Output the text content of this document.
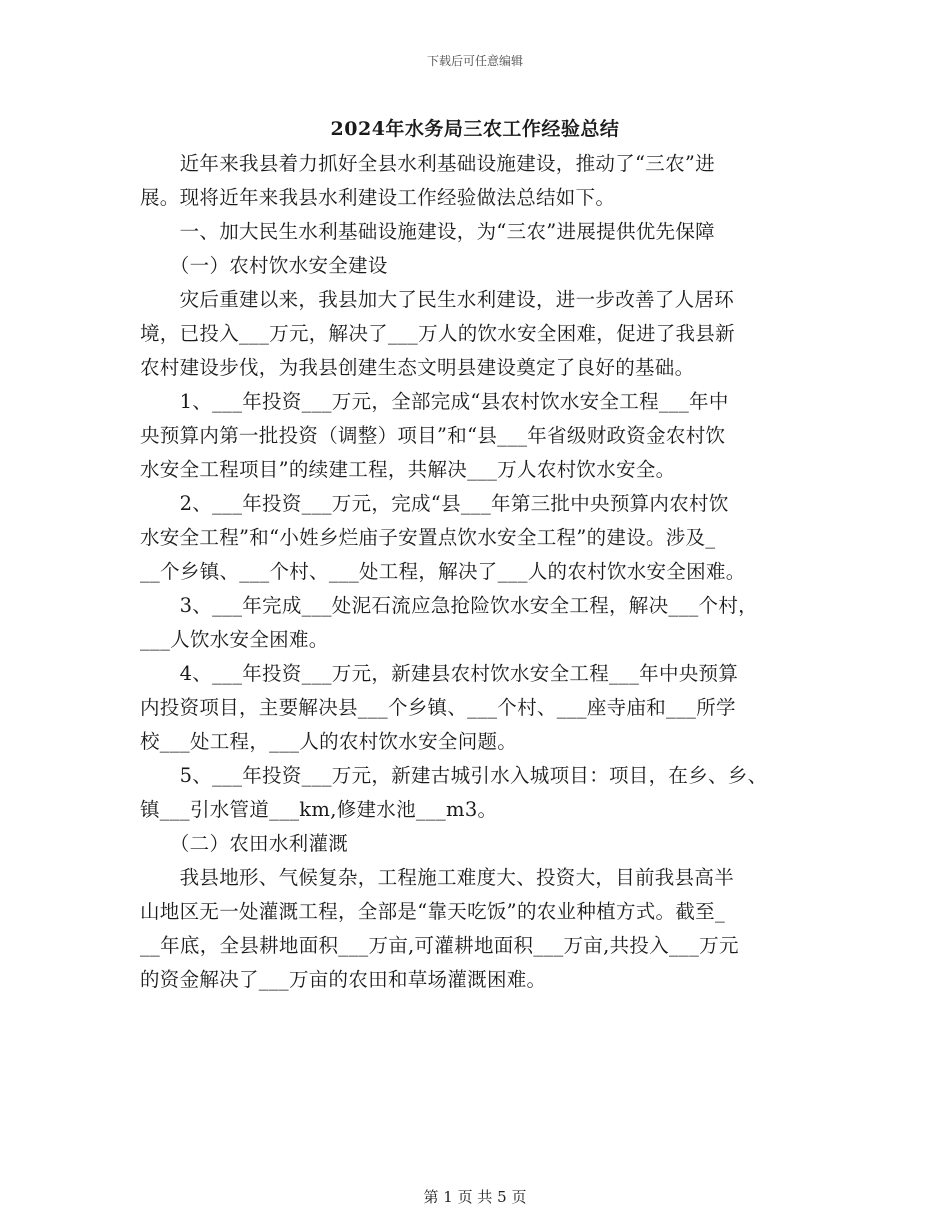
下载后可任意编辑
2024年水务局三农工作经验总结
　　近年来我县着力抓好全县水利基础设施建设，推动了“三农”进
展。现将近年来我县水利建设工作经验做法总结如下。
　　一、加大民生水利基础设施建设，为“三农”进展提供优先保障
　　（一）农村饮水安全建设
　　灾后重建以来，我县加大了民生水利建设，进一步改善了人居环
境，已投入___万元，解决了___万人的饮水安全困难，促进了我县新
农村建设步伐，为我县创建生态文明县建设奠定了良好的基础。
　　1、___年投资___万元，全部完成“县农村饮水安全工程___年中
央预算内第一批投资（调整）项目”和“县___年省级财政资金农村饮
水安全工程项目”的续建工程，共解决___万人农村饮水安全。
　　2、___年投资___万元，完成“县___年第三批中央预算内农村饮
水安全工程”和“小姓乡烂庙子安置点饮水安全工程”的建设。涉及_
__个乡镇、___个村、___处工程，解决了___人的农村饮水安全困难。
　　3、___年完成___处泥石流应急抢险饮水安全工程，解决___个村，
___人饮水安全困难。
　　4、___年投资___万元，新建县农村饮水安全工程___年中央预算
内投资项目，主要解决县___个乡镇、___个村、___座寺庙和___所学
校___处工程，___人的农村饮水安全问题。
　　5、___年投资___万元，新建古城引水入城项目：项目，在乡、乡、
镇___引水管道___km,修建水池___m3。
　　（二）农田水利灌溉
　　我县地形、气候复杂，工程施工难度大、投资大，目前我县高半
山地区无一处灌溉工程，全部是“靠天吃饭”的农业种植方式。截至_
__年底，全县耕地面积___万亩,可灌耕地面积___万亩,共投入___万元
的资金解决了___万亩的农田和草场灌溉困难。
第 1 页 共 5 页
